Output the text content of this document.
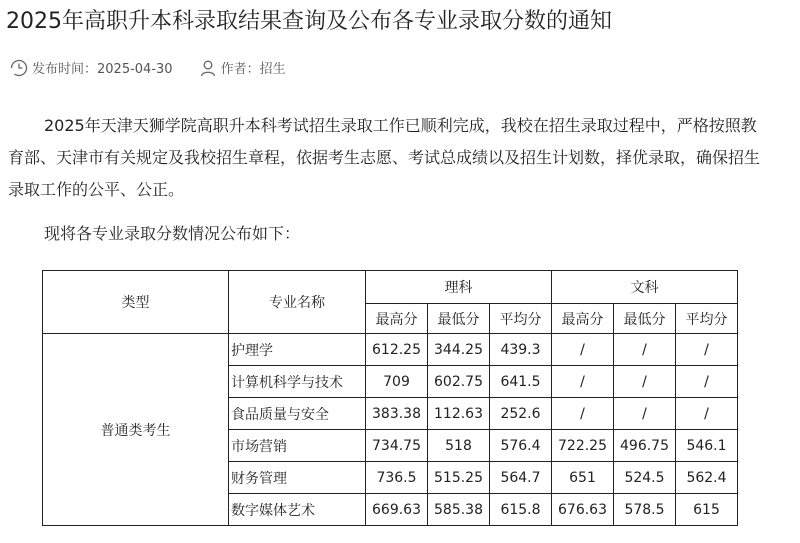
2025年高职升本科录取结果查询及公布各专业录取分数的通知
发布时间：2025-04-30	作者：招生
2025年天津天狮学院高职升本科考试招生录取工作已顺利完成，我校在招生录取过程中，严格按照教育部、天津市有关规定及我校招生章程，依据考生志愿、考试总成绩以及招生计划数，择优录取，确保招生录取工作的公平、公正。
现将各专业录取分数情况公布如下：
类型	专业名称	理科			文科		
		最高分	最低分	平均分	最高分	最低分	平均分
普通类考生	护理学	612.25	344.25	439.3	/	/	/
	计算机科学与技术	709	602.75	641.5	/	/	/
	食品质量与安全	383.38	112.63	252.6	/	/	/
	市场营销	734.75	518	576.4	722.25	496.75	546.1
	财务管理	736.5	515.25	564.7	651	524.5	562.4
	数字媒体艺术	669.63	585.38	615.8	676.63	578.5	615
